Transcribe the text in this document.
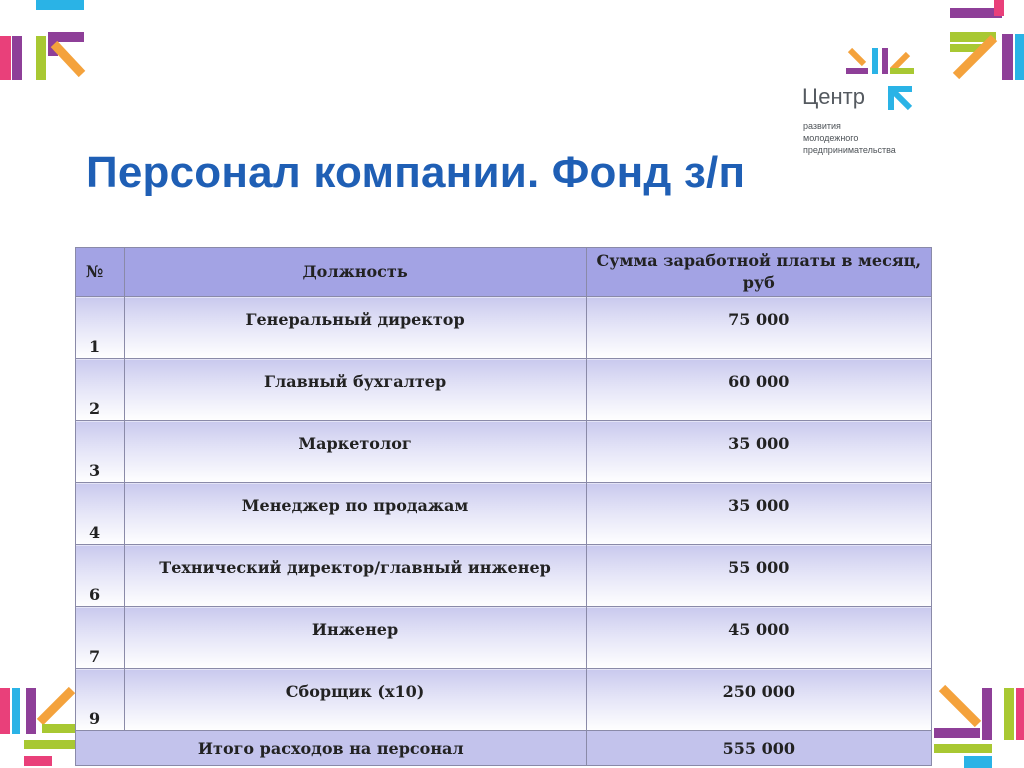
Центр
развития
молодежного
предпринимательства
Персонал компании. Фонд з/п
№	Должность	Сумма заработной платы в месяц, руб
1	Генеральный директор	75 000
2	Главный бухгалтер	60 000
3	Маркетолог	35 000
4	Менеджер по продажам	35 000
6	Технический директор/главный инженер	55 000
7	Инженер	45 000
9	Сборщик (х10)	250 000
Итого расходов на персонал		555 000
